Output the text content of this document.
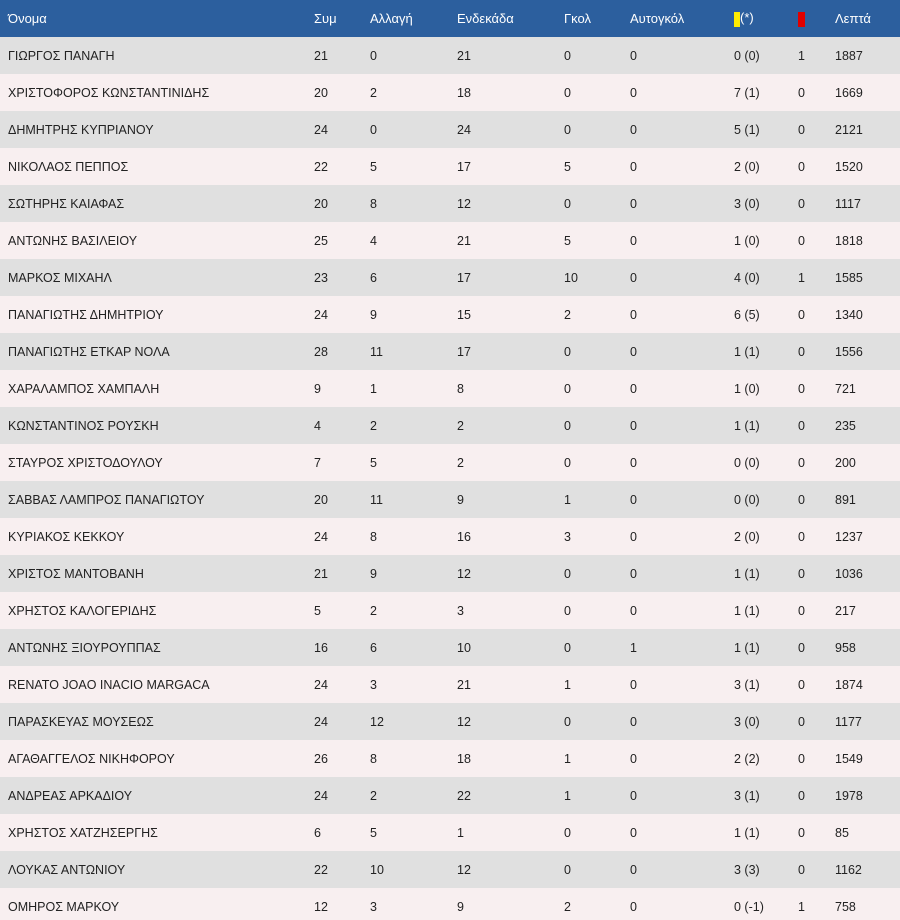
Όνομα	Συμ	Αλλαγή	Ενδεκάδα	Γκολ	Αυτογκόλ	(*)		Λεπτά
ΓΙΩΡΓΟΣ ΠΑΝΑΓΗ	21	0	21	0	0	0 (0)	1	1887
ΧΡΙΣΤΟΦΟΡΟΣ ΚΩΝΣΤΑΝΤΙΝΙΔΗΣ	20	2	18	0	0	7 (1)	0	1669
ΔΗΜΗΤΡΗΣ ΚΥΠΡΙΑΝΟΥ	24	0	24	0	0	5 (1)	0	2121
ΝΙΚΟΛΑΟΣ ΠΕΠΠΟΣ	22	5	17	5	0	2 (0)	0	1520
ΣΩΤΗΡΗΣ ΚΑΙΑΦΑΣ	20	8	12	0	0	3 (0)	0	1117
ΑΝΤΩΝΗΣ ΒΑΣΙΛΕΙΟΥ	25	4	21	5	0	1 (0)	0	1818
ΜΑΡΚΟΣ ΜΙΧΑΗΛ	23	6	17	10	0	4 (0)	1	1585
ΠΑΝΑΓΙΩΤΗΣ ΔΗΜΗΤΡΙΟΥ	24	9	15	2	0	6 (5)	0	1340
ΠΑΝΑΓΙΩΤΗΣ ΕΤΚΑΡ ΝΟΛΑ	28	11	17	0	0	1 (1)	0	1556
ΧΑΡΑΛΑΜΠΟΣ ΧΑΜΠΑΛΗ	9	1	8	0	0	1 (0)	0	721
ΚΩΝΣΤΑΝΤΙΝΟΣ ΡΟΥΣΚΗ	4	2	2	0	0	1 (1)	0	235
ΣΤΑΥΡΟΣ ΧΡΙΣΤΟΔΟΥΛΟΥ	7	5	2	0	0	0 (0)	0	200
ΣΑΒΒΑΣ ΛΑΜΠΡΟΣ ΠΑΝΑΓΙΩΤΟΥ	20	11	9	1	0	0 (0)	0	891
ΚΥΡΙΑΚΟΣ ΚΕΚΚΟΥ	24	8	16	3	0	2 (0)	0	1237
ΧΡΙΣΤΟΣ ΜΑΝΤΟΒΑΝΗ	21	9	12	0	0	1 (1)	0	1036
ΧΡΗΣΤΟΣ ΚΑΛΟΓΕΡΙΔΗΣ	5	2	3	0	0	1 (1)	0	217
ΑΝΤΩΝΗΣ ΞΙΟΥΡΟΥΠΠΑΣ	16	6	10	0	1	1 (1)	0	958
RENATO JOAO INACIO MARGACA	24	3	21	1	0	3 (1)	0	1874
ΠΑΡΑΣΚΕΥΑΣ ΜΟΥΣΕΩΣ	24	12	12	0	0	3 (0)	0	1177
ΑΓΑΘΑΓΓΕΛΟΣ ΝΙΚΗΦΟΡΟΥ	26	8	18	1	0	2 (2)	0	1549
ΑΝΔΡΕΑΣ ΑΡΚΑΔΙΟΥ	24	2	22	1	0	3 (1)	0	1978
ΧΡΗΣΤΟΣ ΧΑΤΖΗΣΕΡΓΗΣ	6	5	1	0	0	1 (1)	0	85
ΛΟΥΚΑΣ ΑΝΤΩΝΙΟΥ	22	10	12	0	0	3 (3)	0	1162
ΟΜΗΡΟΣ ΜΑΡΚΟΥ	12	3	9	2	0	0 (-1)	1	758
